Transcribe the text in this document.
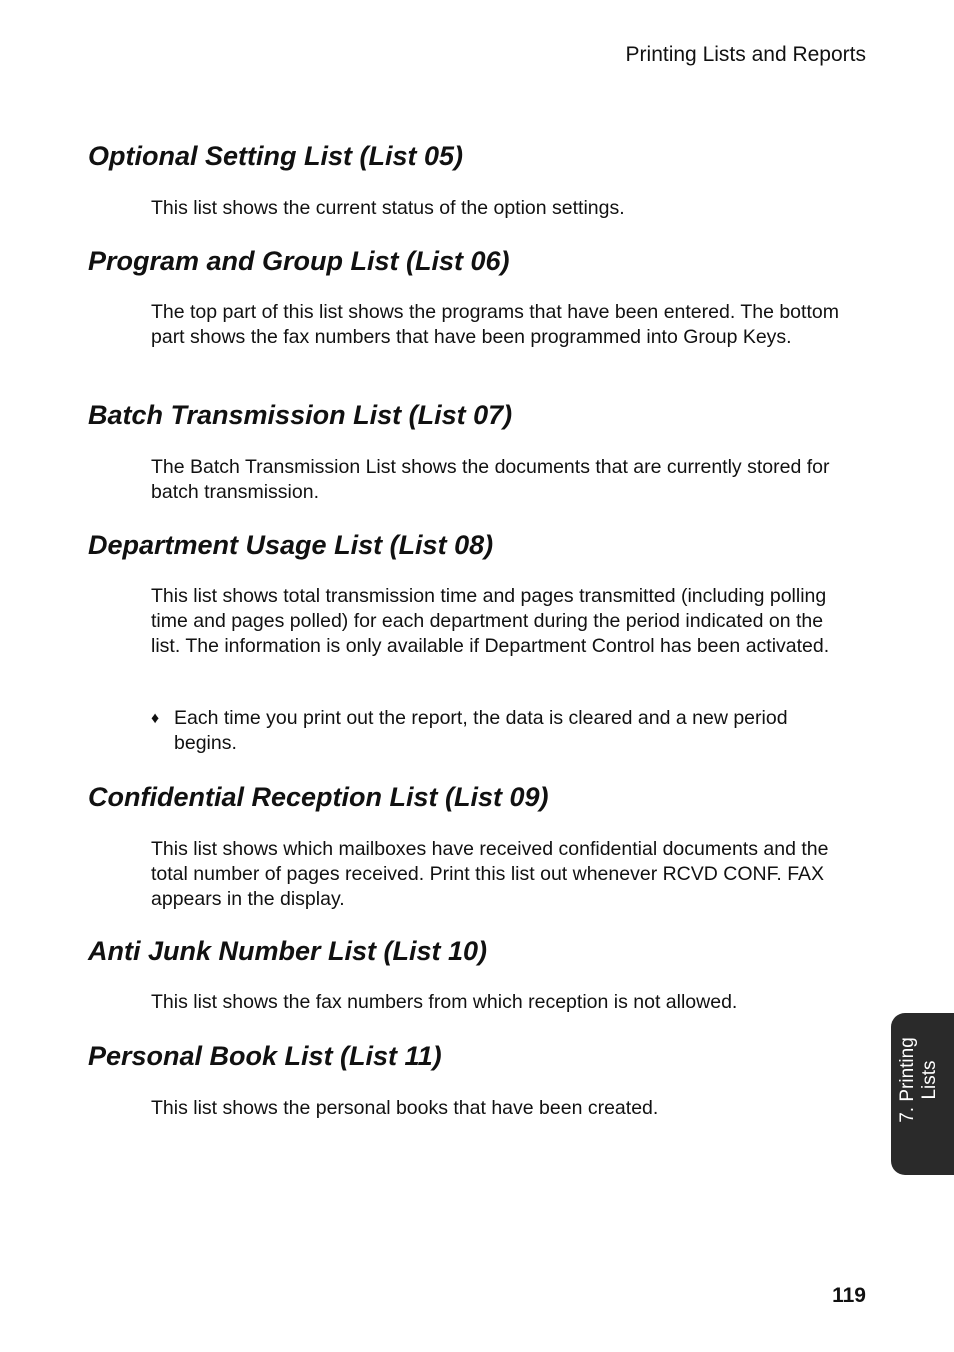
Printing Lists and Reports
Optional Setting List (List 05)

This list shows the current status of the option settings.

Program and Group List (List 06)

The top part of this list shows the programs that have been entered. The bottom part shows the fax numbers that have been programmed into Group Keys.

Batch Transmission List (List 07)

The Batch Transmission List shows the documents that are currently stored for batch transmission.

Department Usage List (List 08)

This list shows total transmission time and pages transmitted (including polling time and pages polled) for each department during the period indicated on the list. The information is only available if Department Control has been activated.

♦ Each time you print out the report, the data is cleared and a new period begins.
Confidential Reception List (List 09)

This list shows which mailboxes have received confidential documents and the total number of pages received. Print this list out whenever RCVD CONF. FAX appears in the display.

Anti Junk Number List (List 10)

This list shows the fax numbers from which reception is not allowed.

Personal Book List (List 11)

This list shows the personal books that have been created.	7. Printing Lists
119
